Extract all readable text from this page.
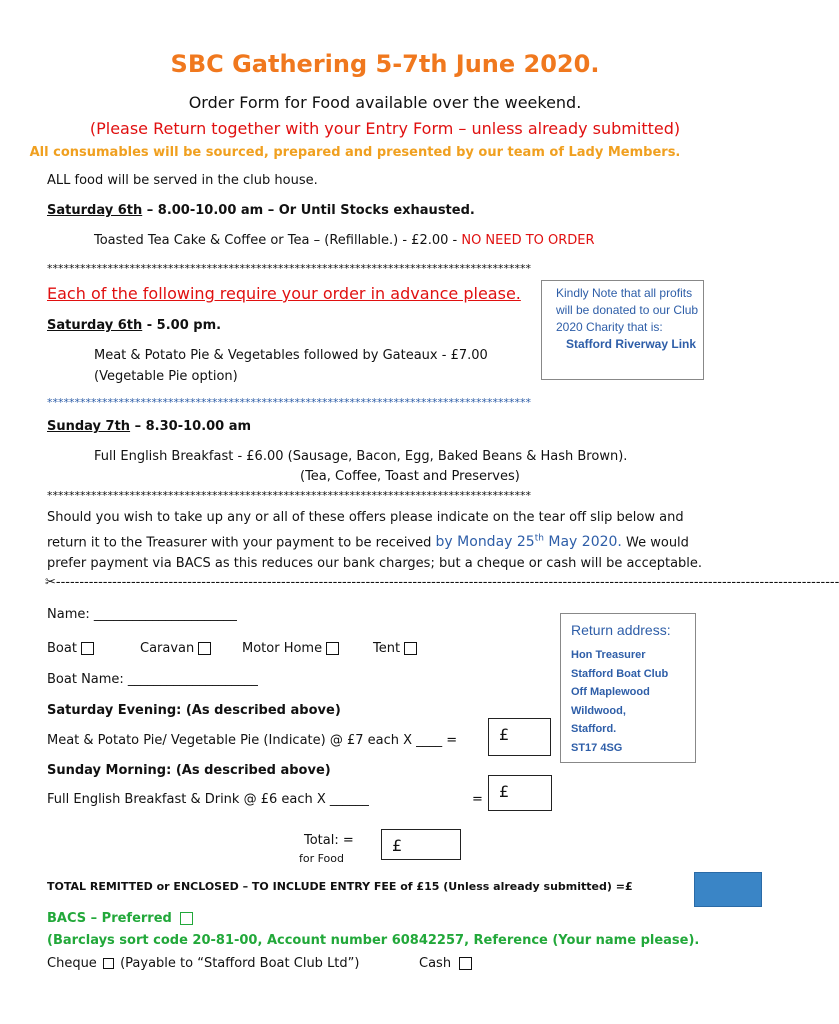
SBC Gathering 5-7th June 2020.
Order Form for Food available over the weekend.
(Please Return together with your Entry Form – unless already submitted)
All consumables will be sourced, prepared and presented by our team of Lady Members.
ALL food will be served in the club house.
Saturday 6th – 8.00-10.00 am – Or Until Stocks exhausted.
Toasted Tea Cake & Coffee or Tea – (Refillable.) - £2.00 - NO NEED TO ORDER
****************************************************************************************
Each of the following require your order in advance please.	Kindly Note that all profits will be donated to our Club 2020 Charity that is:
Stafford Riverway Link
Saturday 6th - 5.00 pm.
Meat & Potato Pie & Vegetables followed by Gateaux - £7.00
(Vegetable Pie option)
****************************************************************************************
Sunday 7th – 8.30-10.00 am
Full English Breakfast - £6.00 (Sausage, Bacon, Egg, Baked Beans & Hash Brown).
(Tea, Coffee, Toast and Preserves)
****************************************************************************************
Should you wish to take up any or all of these offers please indicate on the tear off slip below and return it to the Treasurer with your payment to be received by Monday 25th May 2020. We would prefer payment via BACS as this reduces our bank charges; but a cheque or cash will be acceptable.
✂-----------------------------------------------------------------------------------------------------------------------------------------------------------------------
Name: ______________________
Boat	Caravan	Motor Home	Tent
Boat Name: ____________________
Return address:
Hon Treasurer
Stafford Boat Club
Off Maplewood
Wildwood,
Stafford.
ST17 4SG
Saturday Evening: (As described above)
Meat & Potato Pie/ Vegetable Pie (Indicate) @ £7 each X ____ =	£
Sunday Morning: (As described above)
Full English Breakfast & Drink @ £6 each X ______	=	£
Total: =
for Food
£
TOTAL REMITTED or ENCLOSED – TO INCLUDE ENTRY FEE of £15 (Unless already submitted) =£
BACS – Preferred
(Barclays sort code 20-81-00, Account number 60842257, Reference (Your name please).
Cheque (Payable to “Stafford Boat Club Ltd”)	Cash
